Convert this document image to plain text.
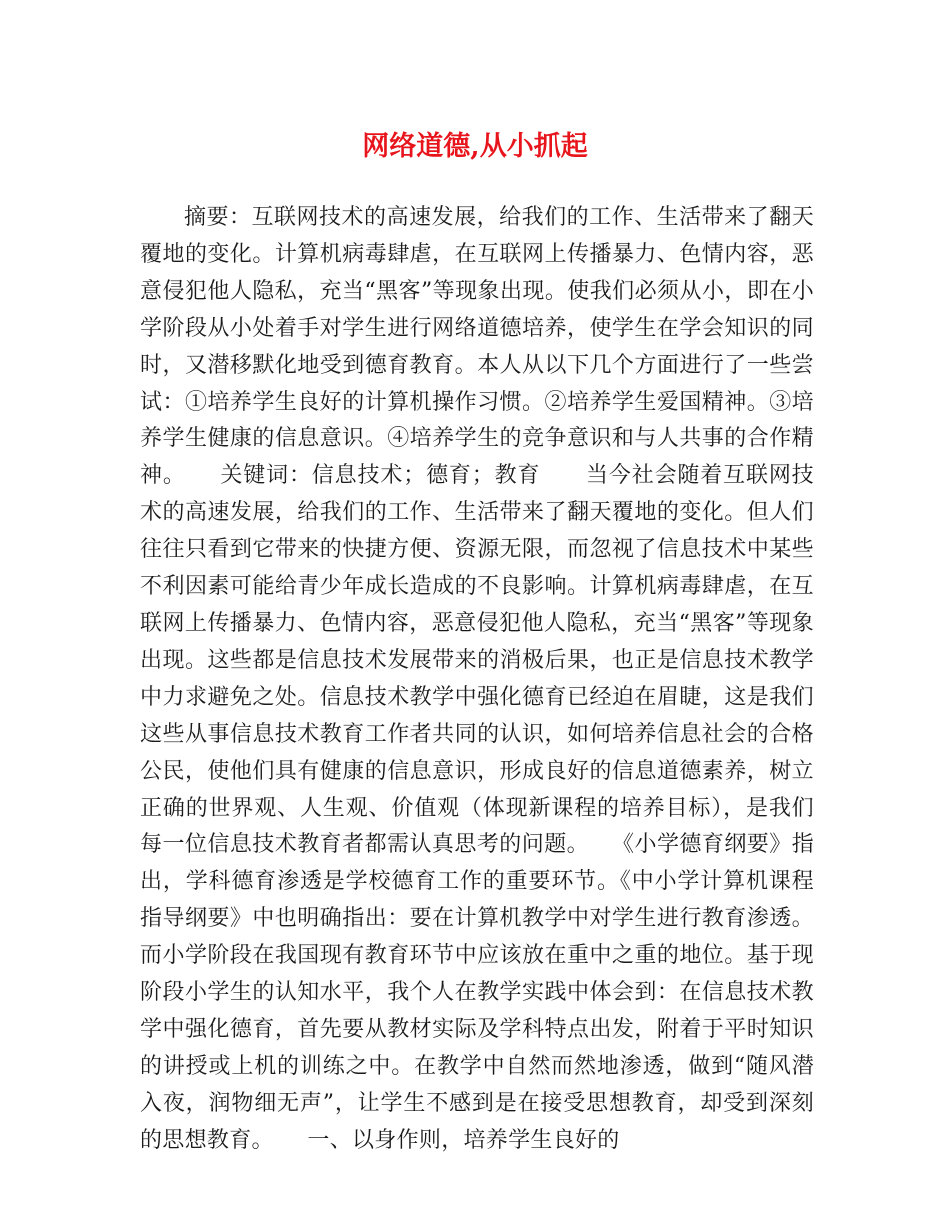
网络道德,从小抓起

摘要：互联网技术的高速发展，给我们的工作、生活带来了翻天覆地的变化。计算机病毒肆虐，在互联网上传播暴力、色情内容，恶意侵犯他人隐私，充当“黑客”等现象出现。使我们必须从小，即在小学阶段从小处着手对学生进行网络道德培养，使学生在学会知识的同时，又潜移默化地受到德育教育。本人从以下几个方面进行了一些尝试：①培养学生良好的计算机操作习惯。②培养学生爱国精神。③培养学生健康的信息意识。④培养学生的竞争意识和与人共事的合作精神。　　关键词：信息技术；德育；教育　　当今社会随着互联网技术的高速发展，给我们的工作、生活带来了翻天覆地的变化。但人们往往只看到它带来的快捷方便、资源无限，而忽视了信息技术中某些不利因素可能给青少年成长造成的不良影响。计算机病毒肆虐，在互联网上传播暴力、色情内容，恶意侵犯他人隐私，充当“黑客”等现象出现。这些都是信息技术发展带来的消极后果，也正是信息技术教学中力求避免之处。信息技术教学中强化德育已经迫在眉睫，这是我们这些从事信息技术教育工作者共同的认识，如何培养信息社会的合格公民，使他们具有健康的信息意识，形成良好的信息道德素养，树立正确的世界观、人生观、价值观（体现新课程的培养目标），是我们每一位信息技术教育者都需认真思考的问题。　　《小学德育纲要》指出，学科德育渗透是学校德育工作的重要环节。《中小学计算机课程指导纲要》中也明确指出：要在计算机教学中对学生进行教育渗透。而小学阶段在我国现有教育环节中应该放在重中之重的地位。基于现阶段小学生的认知水平，我个人在教学实践中体会到：在信息技术教学中强化德育，首先要从教材实际及学科特点出发，附着于平时知识的讲授或上机的训练之中。在教学中自然而然地渗透，做到“随风潜入夜，润物细无声”，让学生不感到是在接受思想教育，却受到深刻的思想教育。　　一、以身作则，培养学生良好的
